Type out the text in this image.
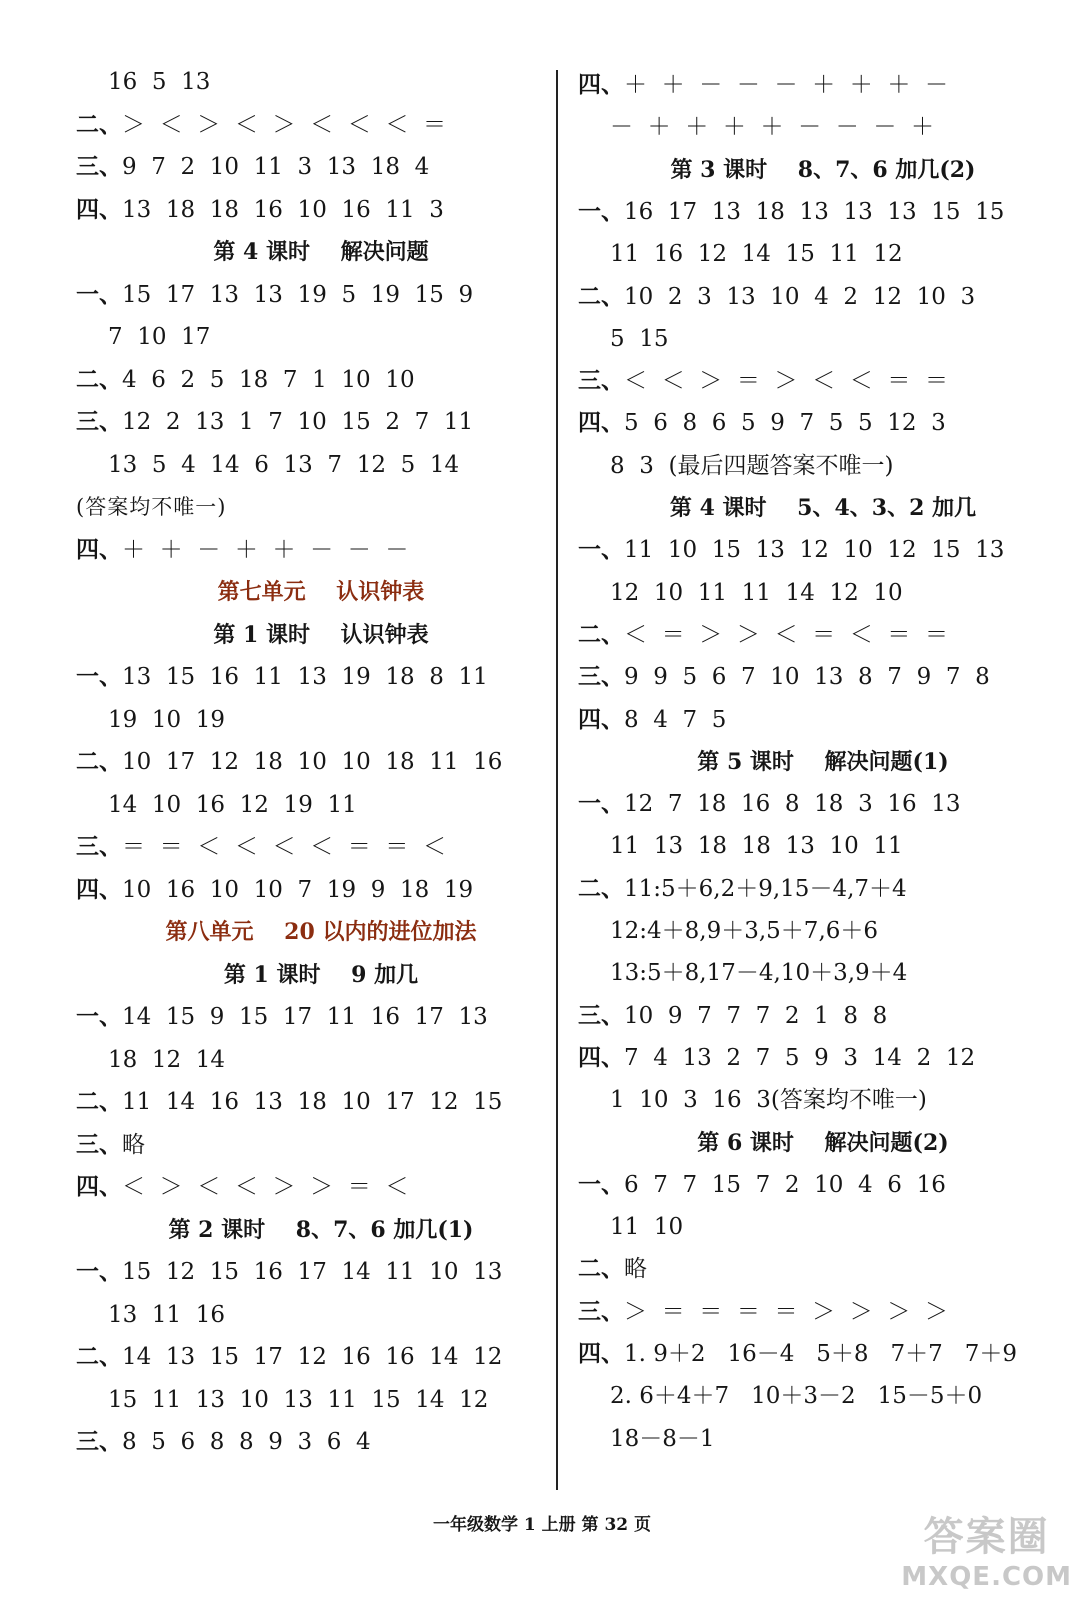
16  5  13
二、＞  ＜  ＞  ＜  ＞  ＜  ＜  ＜  ＝
三、9  7  2  10  11  3  13  18  4
四、13  18  18  16  10  16  11  3
第 4 课时    解决问题
一、15  17  13  13  19  5  19  15  9
7  10  17
二、4  6  2  5  18  7  1  10  10
三、12  2  13  1  7  10  15  2  7  11
13  5  4  14  6  13  7  12  5  14
(答案均不唯一)
四、＋  ＋  －  ＋  ＋  －  －  －
第七单元    认识钟表
第 1 课时    认识钟表
一、13  15  16  11  13  19  18  8  11
19  10  19
二、10  17  12  18  10  10  18  11  16
14  10  16  12  19  11
三、＝  ＝  ＜  ＜  ＜  ＜  ＝  ＝  ＜
四、10  16  10  10  7  19  9  18  19
第八单元    20 以内的进位加法
第 1 课时    9 加几
一、14  15  9  15  17  11  16  17  13
18  12  14
二、11  14  16  13  18  10  17  12  15
三、略
四、＜  ＞  ＜  ＜  ＞  ＞  ＝  ＜
第 2 课时    8、7、6 加几(1)
一、15  12  15  16  17  14  11  10  13
13  11  16
二、14  13  15  17  12  16  16  14  12
15  11  13  10  13  11  15  14  12
三、8  5  6  8  8  9  3  6  4
四、＋  ＋  －  －  －  ＋  ＋  ＋  －
－  ＋  ＋  ＋  ＋  －  －  －  ＋
第 3 课时    8、7、6 加几(2)
一、16  17  13  18  13  13  13  15  15
11  16  12  14  15  11  12
二、10  2  3  13  10  4  2  12  10  3
5  15
三、＜  ＜  ＞  ＝  ＞  ＜  ＜  ＝  ＝
四、5  6  8  6  5  9  7  5  5  12  3
8  3  (最后四题答案不唯一)
第 4 课时    5、4、3、2 加几
一、11  10  15  13  12  10  12  15  13
12  10  11  11  14  12  10
二、＜  ＝  ＞  ＞  ＜  ＝  ＜  ＝  ＝
三、9  9  5  6  7  10  13  8  7  9  7  8
四、8  4  7  5
第 5 课时    解决问题(1)
一、12  7  18  16  8  18  3  16  13
11  13  18  18  13  10  11
二、11:5＋6,2＋9,15－4,7＋4
12:4＋8,9＋3,5＋7,6＋6
13:5＋8,17－4,10＋3,9＋4
三、10  9  7  7  7  2  1  8  8
四、7  4  13  2  7  5  9  3  14  2  12
1  10  3  16  3(答案均不唯一)
第 6 课时    解决问题(2)
一、6  7  7  15  7  2  10  4  6  16
11  10
二、略
三、＞  ＝  ＝  ＝  ＝  ＞  ＞  ＞  ＞
四、1. 9＋2   16－4   5＋8   7＋7   7＋9
2. 6＋4＋7   10＋3－2   15－5＋0
18－8－1
一年级数学 1 上册 第 32 页	答案圈
MXQE.COM
